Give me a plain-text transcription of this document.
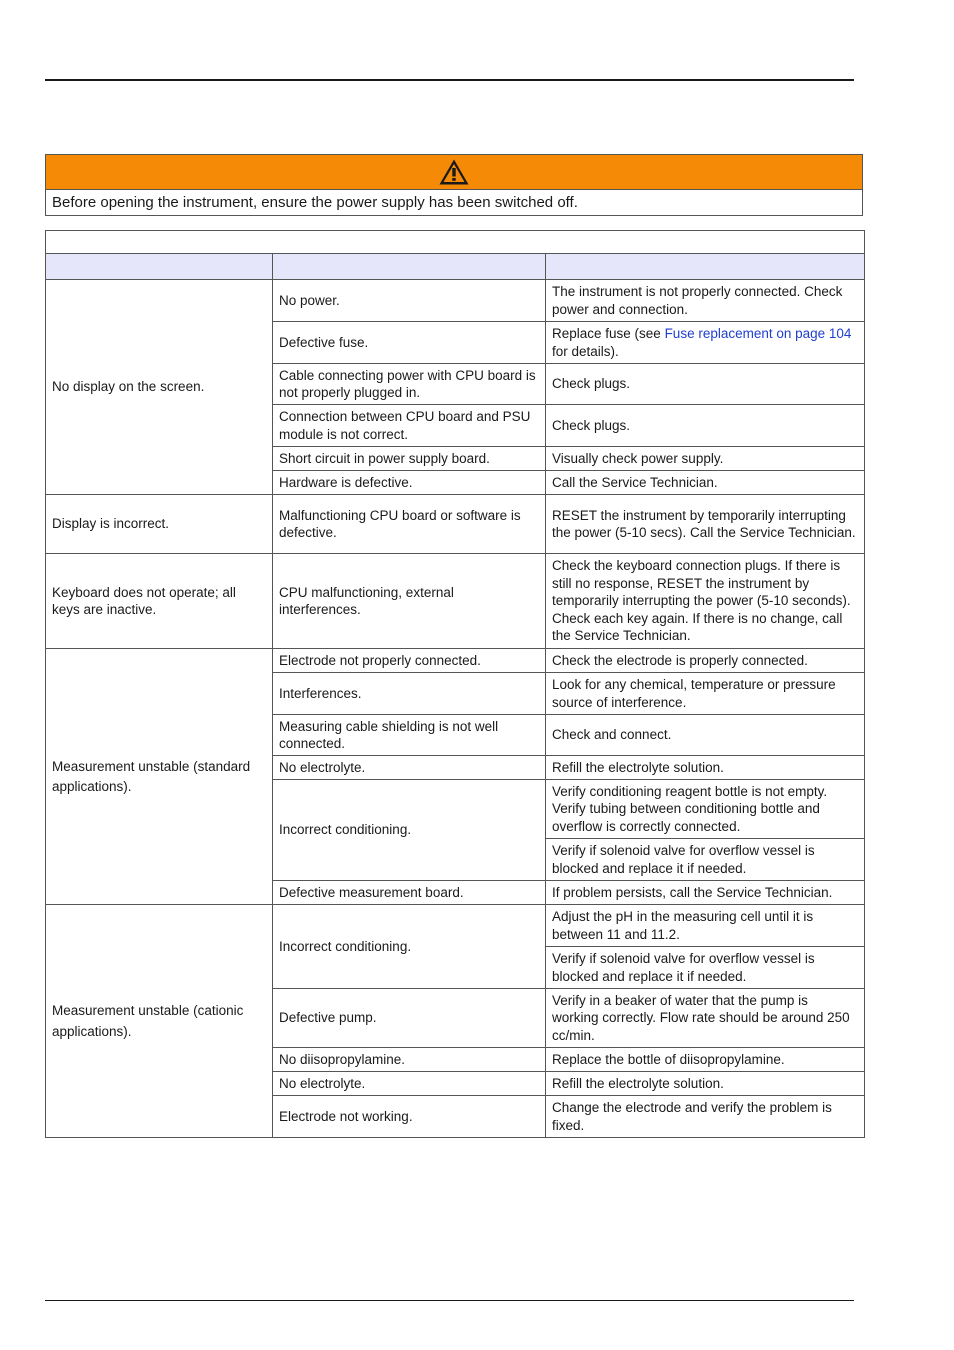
Before opening the instrument, ensure the power supply has been switched off.

No display on the screen.	No power.	The instrument is not properly connected. Check power and connection.
	Defective fuse.	Replace fuse (see Fuse replacement on page 104 for details).
	Cable connecting power with CPU board is not properly plugged in.	Check plugs.
	Connection between CPU board and PSU module is not correct.	Check plugs.
	Short circuit in power supply board.	Visually check power supply.
	Hardware is defective.	Call the Service Technician.
Display is incorrect.	Malfunctioning CPU board or software is defective.	RESET the instrument by temporarily interrupting the power (5-10 secs). Call the Service Technician.
Keyboard does not operate; all keys are inactive.	CPU malfunctioning, external interferences.	Check the keyboard connection plugs. If there is still no response, RESET the instrument by temporarily interrupting the power (5-10 seconds). Check each key again. If there is no change, call the Service Technician.
Measurement unstable (standard applications).	Electrode not properly connected.	Check the electrode is properly connected.
	Interferences.	Look for any chemical, temperature or pressure source of interference.
	Measuring cable shielding is not well connected.	Check and connect.
	No electrolyte.	Refill the electrolyte solution.
	Incorrect conditioning.	Verify conditioning reagent bottle is not empty. Verify tubing between conditioning bottle and overflow is correctly connected.
		Verify if solenoid valve for overflow vessel is blocked and replace it if needed.
	Defective measurement board.	If problem persists, call the Service Technician.
Measurement unstable (cationic applications).	Incorrect conditioning.	Adjust the pH in the measuring cell until it is between 11 and 11.2.
		Verify if solenoid valve for overflow vessel is blocked and replace it if needed.
	Defective pump.	Verify in a beaker of water that the pump is working correctly. Flow rate should be around 250 cc/min.
	No diisopropylamine.	Replace the bottle of diisopropylamine.
	No electrolyte.	Refill the electrolyte solution.
	Electrode not working.	Change the electrode and verify the problem is fixed.
